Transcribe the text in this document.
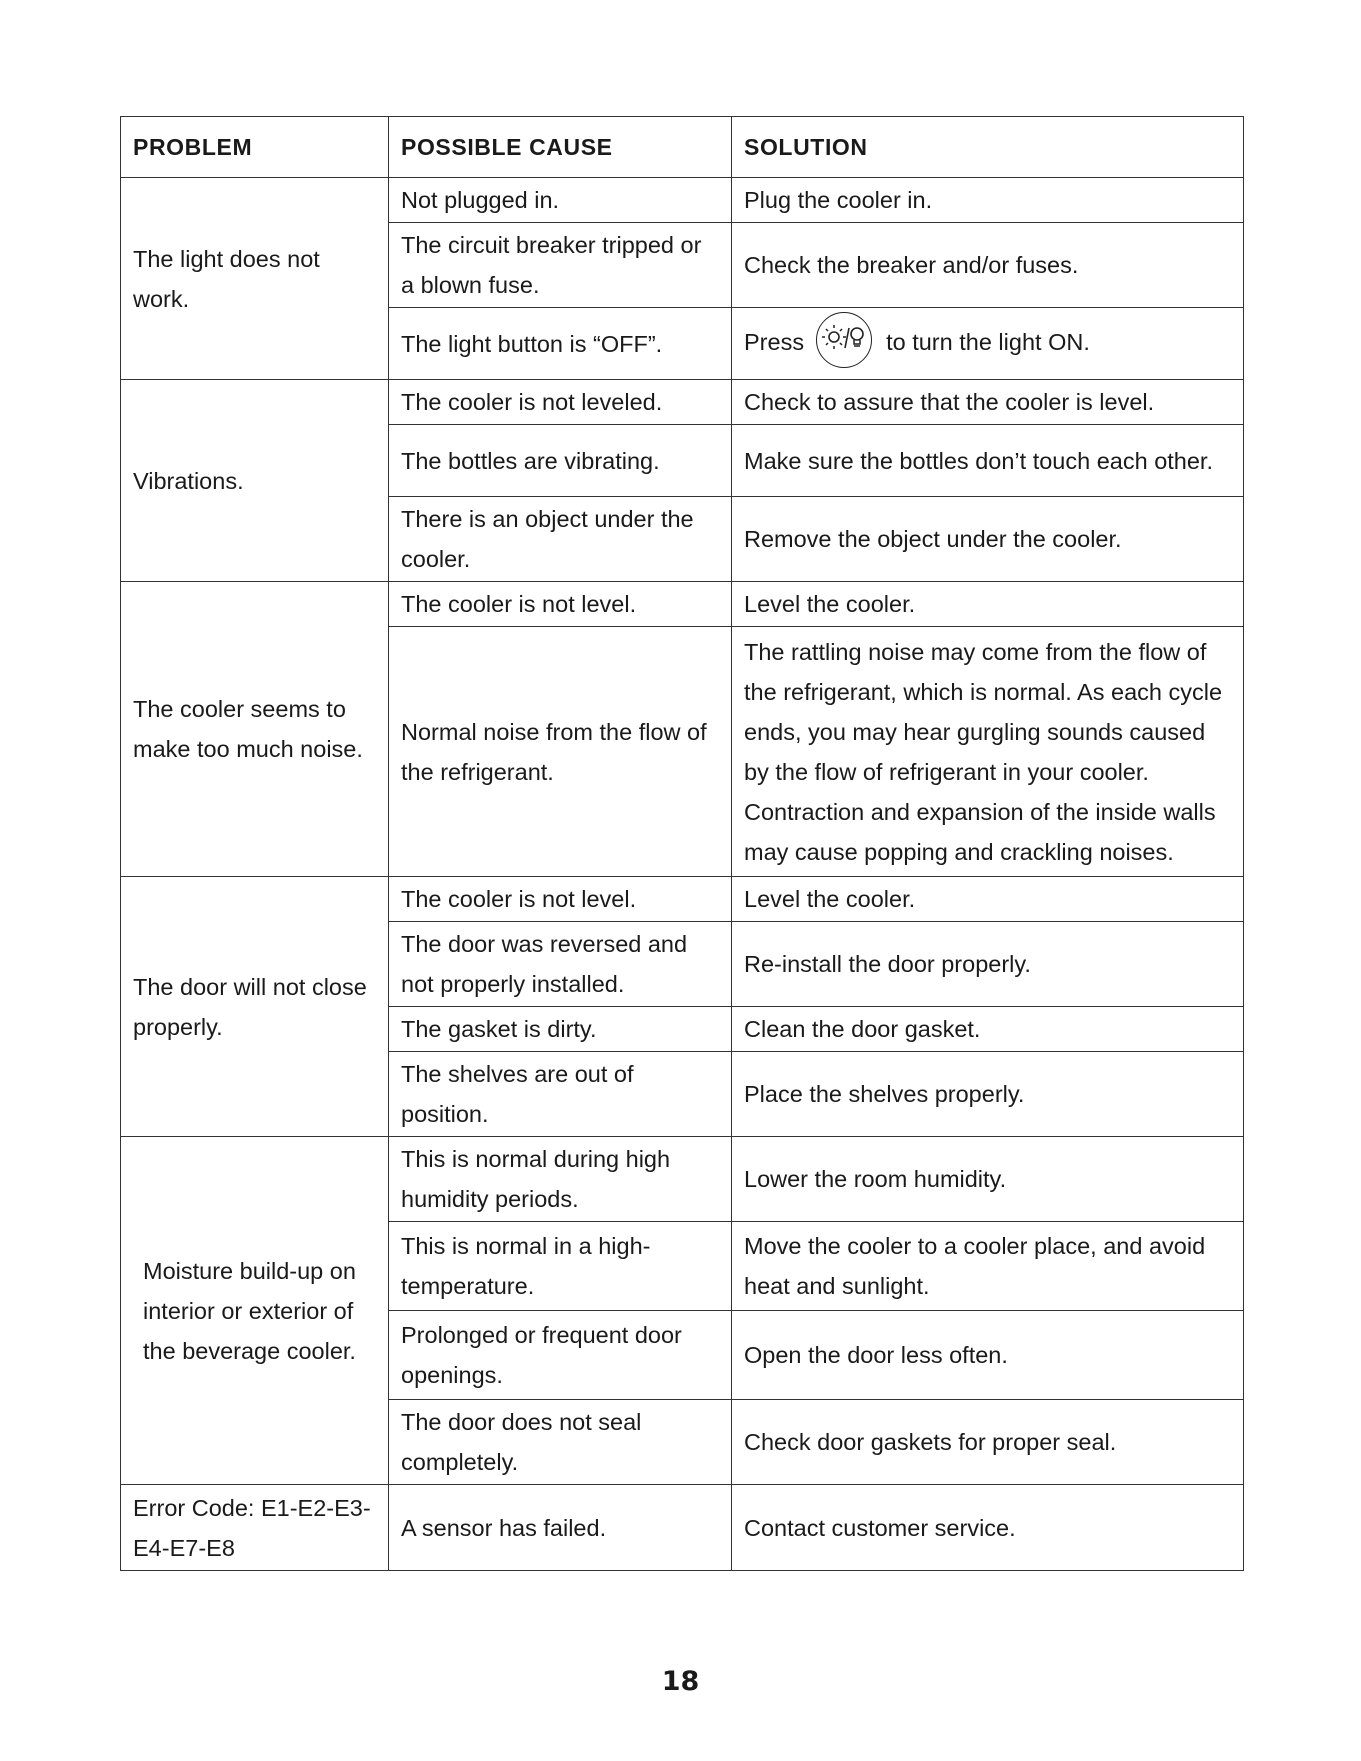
PROBLEM	POSSIBLE CAUSE	SOLUTION
The light does not work.	Not plugged in.	Plug the cooler in.
	The circuit breaker tripped or a blown fuse.	Check the breaker and/or fuses.
	The light button is “OFF”.	Press to turn the light ON.
Vibrations.	The cooler is not leveled.	Check to assure that the cooler is level.
	The bottles are vibrating.	Make sure the bottles don’t touch each other.
	There is an object under the cooler.	Remove the object under the cooler.
The cooler seems to make too much noise.	The cooler is not level.	Level the cooler.
	Normal noise from the flow of the refrigerant.	The rattling noise may come from the flow of the refrigerant, which is normal. As each cycle ends, you may hear gurgling sounds caused by the flow of refrigerant in your cooler. Contraction and expansion of the inside walls may cause popping and crackling noises.
The door will not close properly.	The cooler is not level.	Level the cooler.
	The door was reversed and not properly installed.	Re-install the door properly.
	The gasket is dirty.	Clean the door gasket.
	The shelves are out of position.	Place the shelves properly.
Moisture build-up on interior or exterior of the beverage cooler.	This is normal during high humidity periods.	Lower the room humidity.
	This is normal in a high-temperature.	Move the cooler to a cooler place, and avoid heat and sunlight.
	Prolonged or frequent door openings.	Open the door less often.
	The door does not seal completely.	Check door gaskets for proper seal.
Error Code: E1-E2-E3-E4-E7-E8	A sensor has failed.	Contact customer service.
18
